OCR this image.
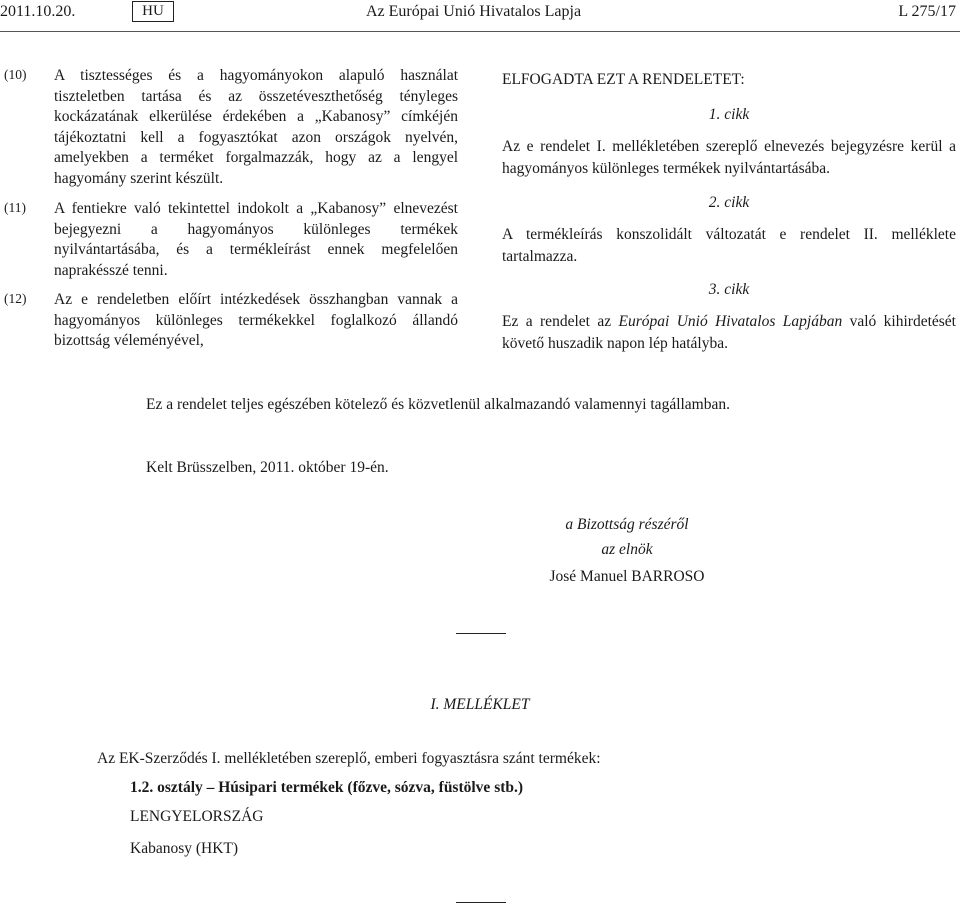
2011.10.20.	HU	Az Európai Unió Hivatalos Lapja	L 275/17
(10) A tisztességes és a hagyományokon alapuló használat tiszteletben tartása és az összetéveszthetőség tényleges kockázatának elkerülése érdekében a „Kabanosy” címkéjén tájékoztatni kell a fogyasztókat azon országok nyelvén, amelyekben a terméket forgalmazzák, hogy az a lengyel hagyomány szerint készült.
(11) A fentiekre való tekintettel indokolt a „Kabanosy” elnevezést bejegyezni a hagyományos különleges termékek nyilvántartásába, és a termékleírást ennek megfelelően naprakésszé tenni.
(12) Az e rendeletben előírt intézkedések összhangban vannak a hagyományos különleges termékekkel foglalkozó állandó bizottság véleményével,
ELFOGADTA EZT A RENDELETET:
1. cikk
Az e rendelet I. mellékletében szereplő elnevezés bejegyzésre kerül a hagyományos különleges termékek nyilvántartásába.
2. cikk
A termékleírás konszolidált változatát e rendelet II. melléklete tartalmazza.
3. cikk
Ez a rendelet az Európai Unió Hivatalos Lapjában való kihirdetését követő huszadik napon lép hatályba.
Ez a rendelet teljes egészében kötelező és közvetlenül alkalmazandó valamennyi tagállamban.
Kelt Brüsszelben, 2011. október 19-én.
a Bizottság részéről
az elnök
José Manuel BARROSO
I. MELLÉKLET
Az EK-Szerződés I. mellékletében szereplő, emberi fogyasztásra szánt termékek:
1.2. osztály – Húsipari termékek (főzve, sózva, füstölve stb.)
LENGYELORSZÁG
Kabanosy (HKT)
